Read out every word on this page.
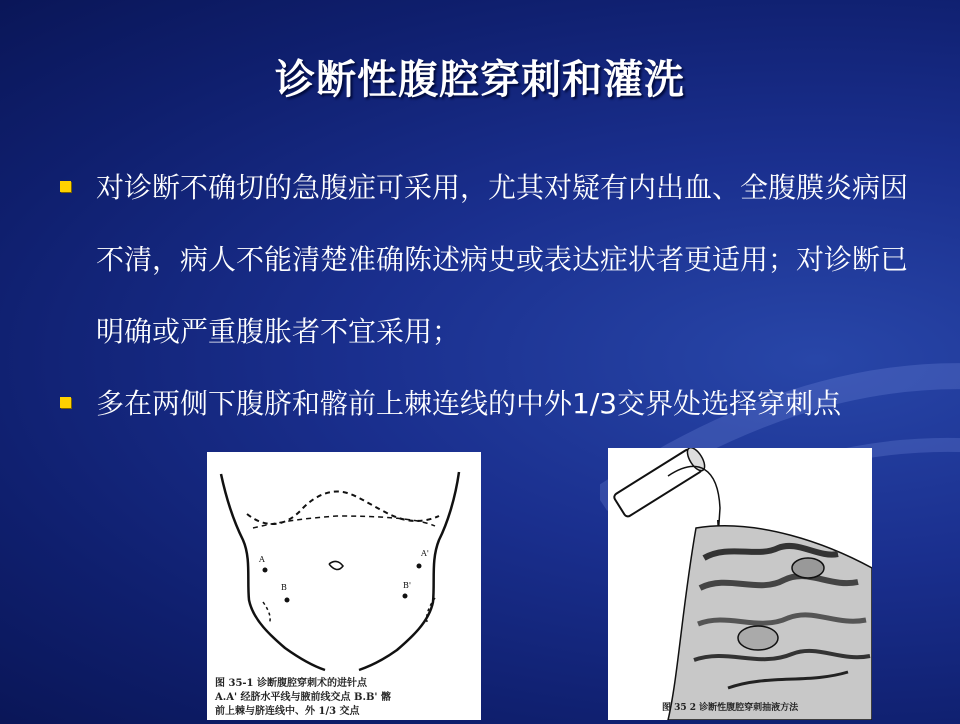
诊断性腹腔穿刺和灌洗
对诊断不确切的急腹症可采用，尤其对疑有内出血、全腹膜炎病因不清，病人不能清楚准确陈述病史或表达症状者更适用；对诊断已明确或严重腹胀者不宜采用；
多在两侧下腹脐和髂前上棘连线的中外1/3交界处选择穿刺点
A
A'
B	B'
图 35-1 诊断腹腔穿刺术的进针点
A.A' 经脐水平线与腋前线交点 B.B' 髂
前上棘与脐连线中、外 1/3 交点	图 35 2 诊断性腹腔穿刺抽液方法
